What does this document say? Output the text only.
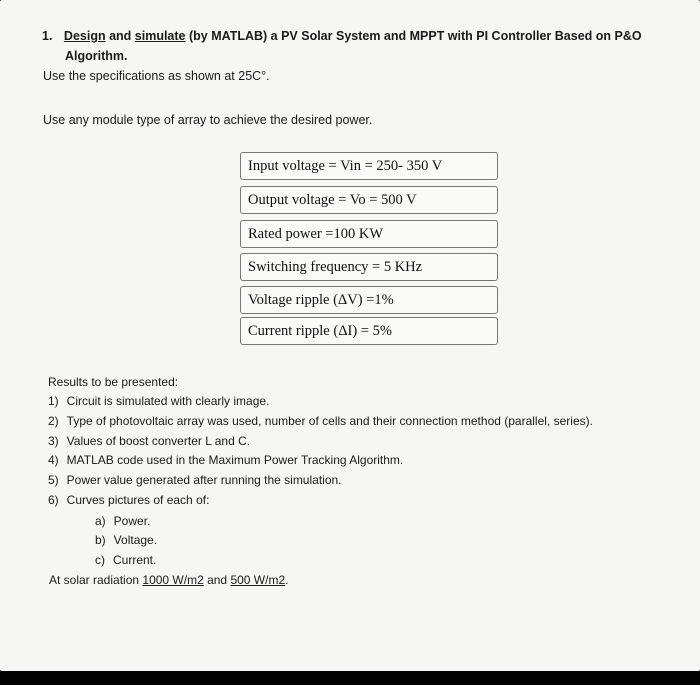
1. Design and simulate (by MATLAB) a PV Solar System and MPPT with PI Controller Based on P&O
Algorithm.
Use the specifications as shown at 25C°.
Use any module type of array to achieve the desired power.
Input voltage = Vin = 250- 350 V
Output voltage = Vo = 500 V
Rated power =100 KW
Switching frequency = 5 KHz
Voltage ripple (ΔV) =1%
Current ripple (ΔI) = 5%
Results to be presented:
1) Circuit is simulated with clearly image.
2) Type of photovoltaic array was used, number of cells and their connection method (parallel, series).
3) Values of boost converter L and C.
4) MATLAB code used in the Maximum Power Tracking Algorithm.
5) Power value generated after running the simulation.
6) Curves pictures of each of:
a) Power.
b) Voltage.
c) Current.
At solar radiation 1000 W/m2 and 500 W/m2.
